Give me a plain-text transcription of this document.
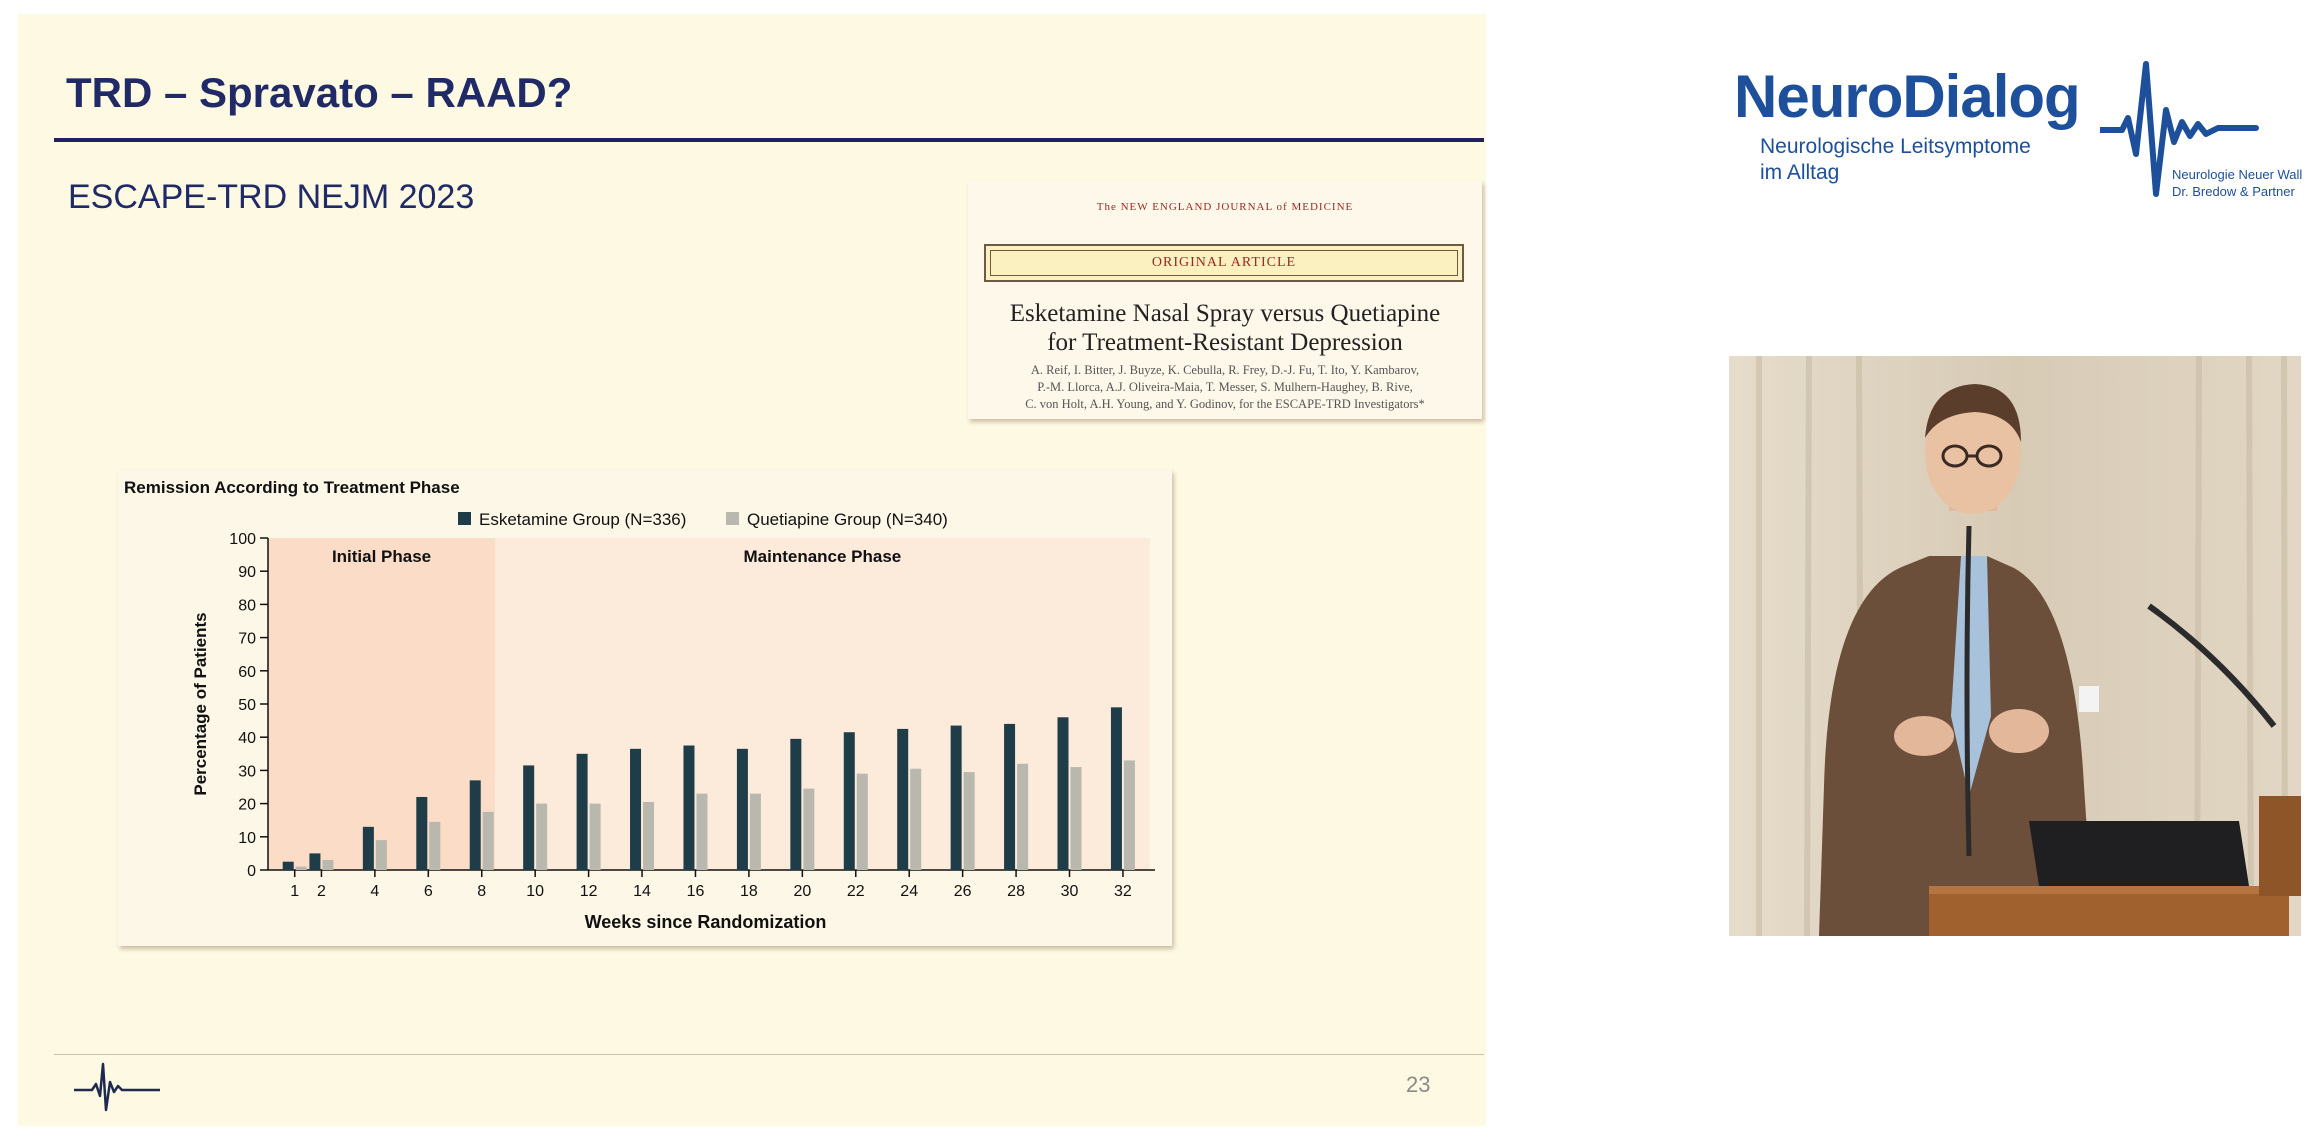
TRD – Spravato – RAAD?
ESCAPE-TRD NEJM 2023	The NEW ENGLAND JOURNAL of MEDICINE
ORIGINAL ARTICLE
Esketamine Nasal Spray versus Quetiapine
for Treatment-Resistant Depression
A. Reif, I. Bitter, J. Buyze, K. Cebulla, R. Frey, D.-J. Fu, T. Ito, Y. Kambarov,
P.-M. Llorca, A.J. Oliveira-Maia, T. Messer, S. Mulhern-Haughey, B. Rive,
C. von Holt, A.H. Young, and Y. Godinov, for the ESCAPE-TRD Investigators*
Remission According to Treatment Phase
Initial Phase	Maintenance Phase
0
10
20
30
40
50
60
70
80
90
100
1 2	4	6	8	10 12 14 16 18 20 22 24 26 28 30 32
Weeks since Randomization
Percentage of Patients
Esketamine Group (N=336)	Quetiapine Group (N=340)
23
NeuroDialog
Neurologische Leitsymptome
im Alltag	Neurologie Neuer Wall
Dr. Bredow & Partner
